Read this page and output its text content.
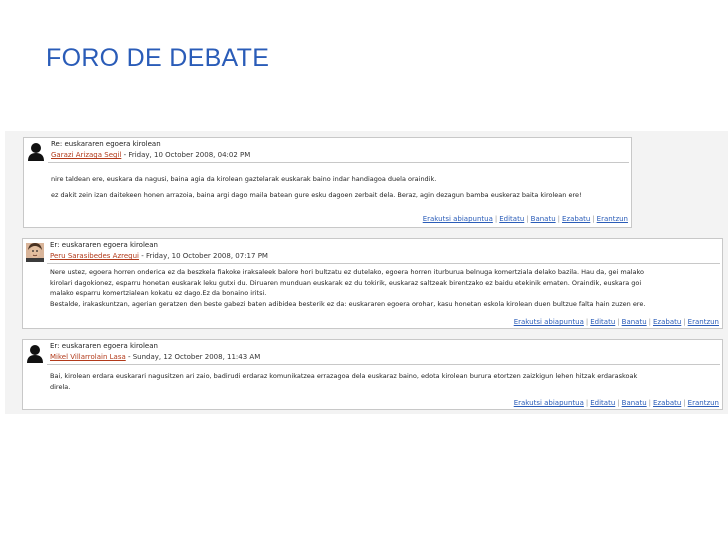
FORO DE DEBATE
Re: euskararen egoera kirolean
Garazi Arizaga Segil - Friday, 10 October 2008, 04:02 PM

nire taldean ere, euskara da nagusi, baina agia da kirolean gaztelarak euskarak baino indar handiagoa duela oraindik.

ez dakit zein izan daitekeen honen arrazoia, baina argi dago maila batean gure esku dagoen zerbait dela. Beraz, agin dezagun bamba euskeraz baita kirolean ere!

Erakutsi abiapuntua | Editatu | Banatu | Ezabatu | Erantzun
Er: euskararen egoera kirolean
Peru Sarasibedes Azregui - Friday, 10 October 2008, 07:17 PM

Nere ustez, egoera horren onderica ez da beszkela fiakoke iraksaleek balore hori bultzatu ez dutelako, egoera horren iturburua belnuga komertziala delako bazila. Hau da, gei malako

kirolari dagokionez, esparru honetan euskarak leku gutxi du. Diruaren munduan euskarak ez du tokirik, euskaraz saltzeak birentzako ez baidu etekinik ematen. Oraindik, euskara goi

malako esparru komertzialean kokatu ez dago.Ez da bonaino iritsi.

Bestalde, irakaskuntzan, agerian geratzen den beste gabezi baten adibidea besterik ez da: euskararen egoera orohar, kasu honetan eskola kirolean duen bultzue falta hain zuzen ere.

Erakutsi abiapuntua | Editatu | Banatu | Ezabatu | Erantzun
Er: euskararen egoera kirolean
Mikel Villarrolain Lasa - Sunday, 12 October 2008, 11:43 AM

Bai, kirolean erdara euskarari nagusitzen ari zaio, badirudi erdaraz komunikatzea errazagoa dela euskaraz baino, edota kirolean burura etortzen zaizkigun lehen hitzak erdaraskoak

direla.

Erakutsi abiapuntua | Editatu | Banatu | Ezabatu | Erantzun
